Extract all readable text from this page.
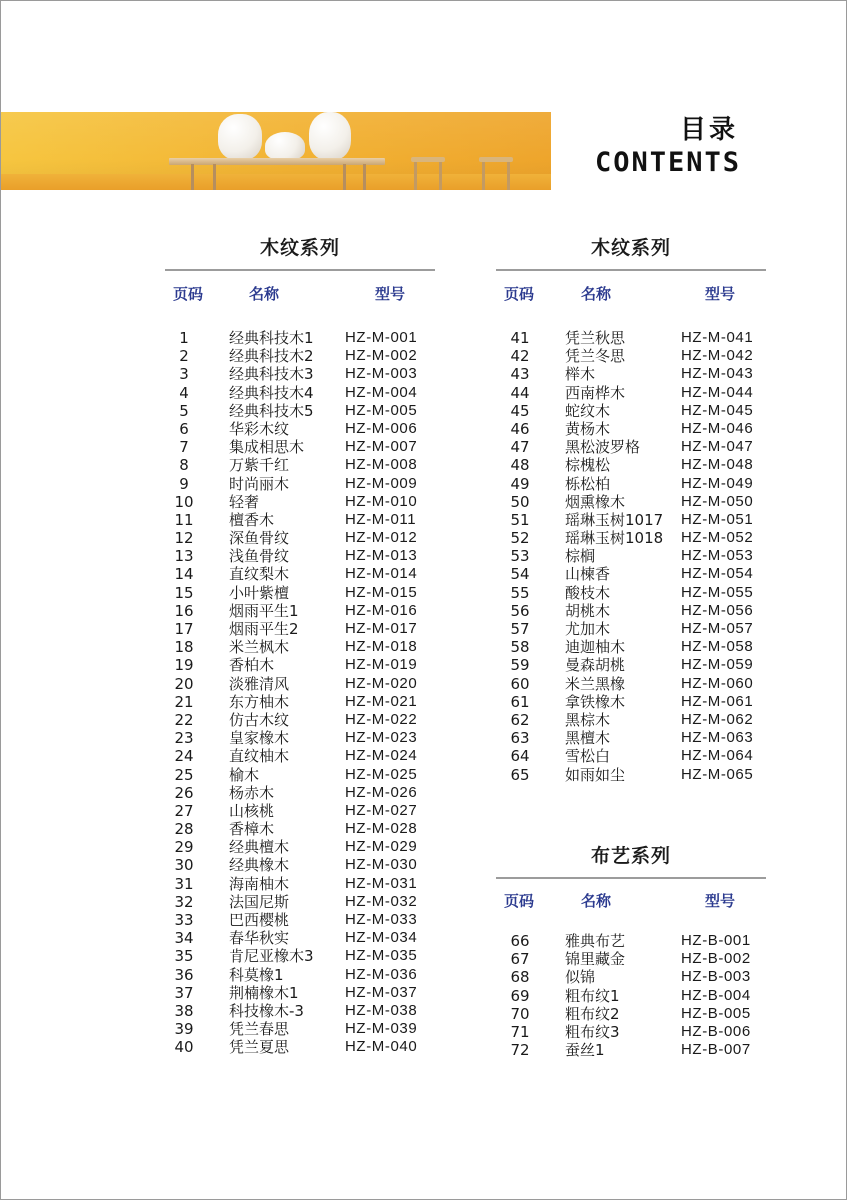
目录
CONTENTS
木纹系列
页码	名称	型号
1	经典科技木1 HZ-M-001
2	经典科技木2 HZ-M-002
3	经典科技木3 HZ-M-003
4	经典科技木4 HZ-M-004
5	经典科技木5 HZ-M-005
6	华彩木纹	HZ-M-006
7	集成相思木	HZ-M-007
8	万紫千红	HZ-M-008
9	时尚丽木	HZ-M-009
10	轻奢	HZ-M-010
11	檀香木	HZ-M-011
12	深鱼骨纹	HZ-M-012
13	浅鱼骨纹	HZ-M-013
14	直纹梨木	HZ-M-014
15	小叶紫檀	HZ-M-015
16	烟雨平生1	HZ-M-016
17	烟雨平生2	HZ-M-017
18	米兰枫木	HZ-M-018
19	香柏木	HZ-M-019
20	淡雅清风	HZ-M-020
21	东方柚木	HZ-M-021
22	仿古木纹	HZ-M-022
23	皇家橡木	HZ-M-023
24	直纹柚木	HZ-M-024
25	榆木	HZ-M-025
26	杨赤木	HZ-M-026
27	山核桃	HZ-M-027
28	香樟木	HZ-M-028
29	经典檀木	HZ-M-029
30	经典橡木	HZ-M-030
31	海南柚木	HZ-M-031
32	法国尼斯	HZ-M-032
33	巴西樱桃	HZ-M-033
34	春华秋实	HZ-M-034
35	肯尼亚橡木3 HZ-M-035
36	科莫橡1	HZ-M-036
37	荆楠橡木1	HZ-M-037
38	科技橡木-3	HZ-M-038
39	凭兰春思	HZ-M-039
40	凭兰夏思	HZ-M-040
木纹系列
页码	名称	型号
41	凭兰秋思	HZ-M-041
42	凭兰冬思	HZ-M-042
43	榉木	HZ-M-043
44	西南桦木	HZ-M-044
45	蛇纹木	HZ-M-045
46	黄杨木	HZ-M-046
47	黑松波罗格	HZ-M-047
48	棕槐松	HZ-M-048
49	栎松柏	HZ-M-049
50	烟熏橡木	HZ-M-050
51	瑶琳玉树1017 HZ-M-051
52	瑶琳玉树1018 HZ-M-052
53	棕榈	HZ-M-053
54	山楝香	HZ-M-054
55	酸枝木	HZ-M-055
56	胡桃木	HZ-M-056
57	尤加木	HZ-M-057
58	迪迦柚木	HZ-M-058
59	曼森胡桃	HZ-M-059
60	米兰黑橡	HZ-M-060
61	拿铁橡木	HZ-M-061
62	黑棕木	HZ-M-062
63	黑檀木	HZ-M-063
64	雪松白	HZ-M-064
65	如雨如尘	HZ-M-065
布艺系列
页码	名称	型号
66	雅典布艺	HZ-B-001
67	锦里藏金	HZ-B-002
68	似锦	HZ-B-003
69	粗布纹1	HZ-B-004
70	粗布纹2	HZ-B-005
71	粗布纹3	HZ-B-006
72	蚕丝1	HZ-B-007
